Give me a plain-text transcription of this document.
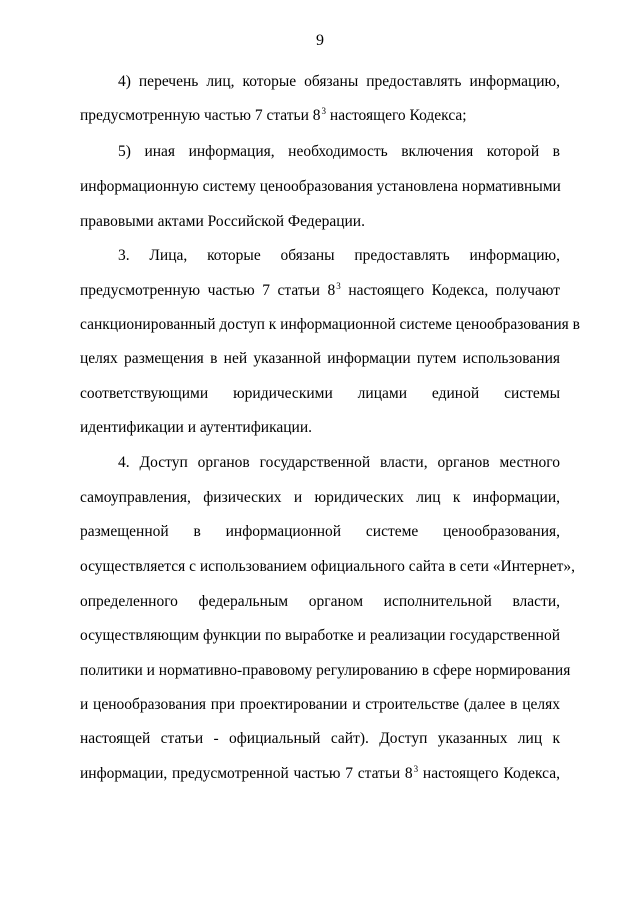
9
4) перечень лиц, которые обязаны предоставлять информацию,
предусмотренную частью 7 статьи $8^3$ настоящего Кодекса;
5) иная информация, необходимость включения которой в
информационную систему ценообразования установлена нормативными
правовыми актами Российской Федерации.
3. Лица, которые обязаны предоставлять информацию,
предусмотренную частью 7 статьи $8^3$ настоящего Кодекса, получают
санкционированный доступ к информационной системе ценообразования в
целях размещения в ней указанной информации путем использования
соответствующими юридическими лицами единой системы
идентификации и аутентификации.
4. Доступ органов государственной власти, органов местного
самоуправления, физических и юридических лиц к информации,
размещенной в информационной системе ценообразования,
осуществляется с использованием официального сайта в сети «Интернет»,
определенного федеральным органом исполнительной власти,
осуществляющим функции по выработке и реализации государственной
политики и нормативно-правовому регулированию в сфере нормирования
и ценообразования при проектировании и строительстве (далее в целях
настоящей статьи - официальный сайт). Доступ указанных лиц к
информации, предусмотренной частью 7 статьи $8^3$ настоящего Кодекса,
